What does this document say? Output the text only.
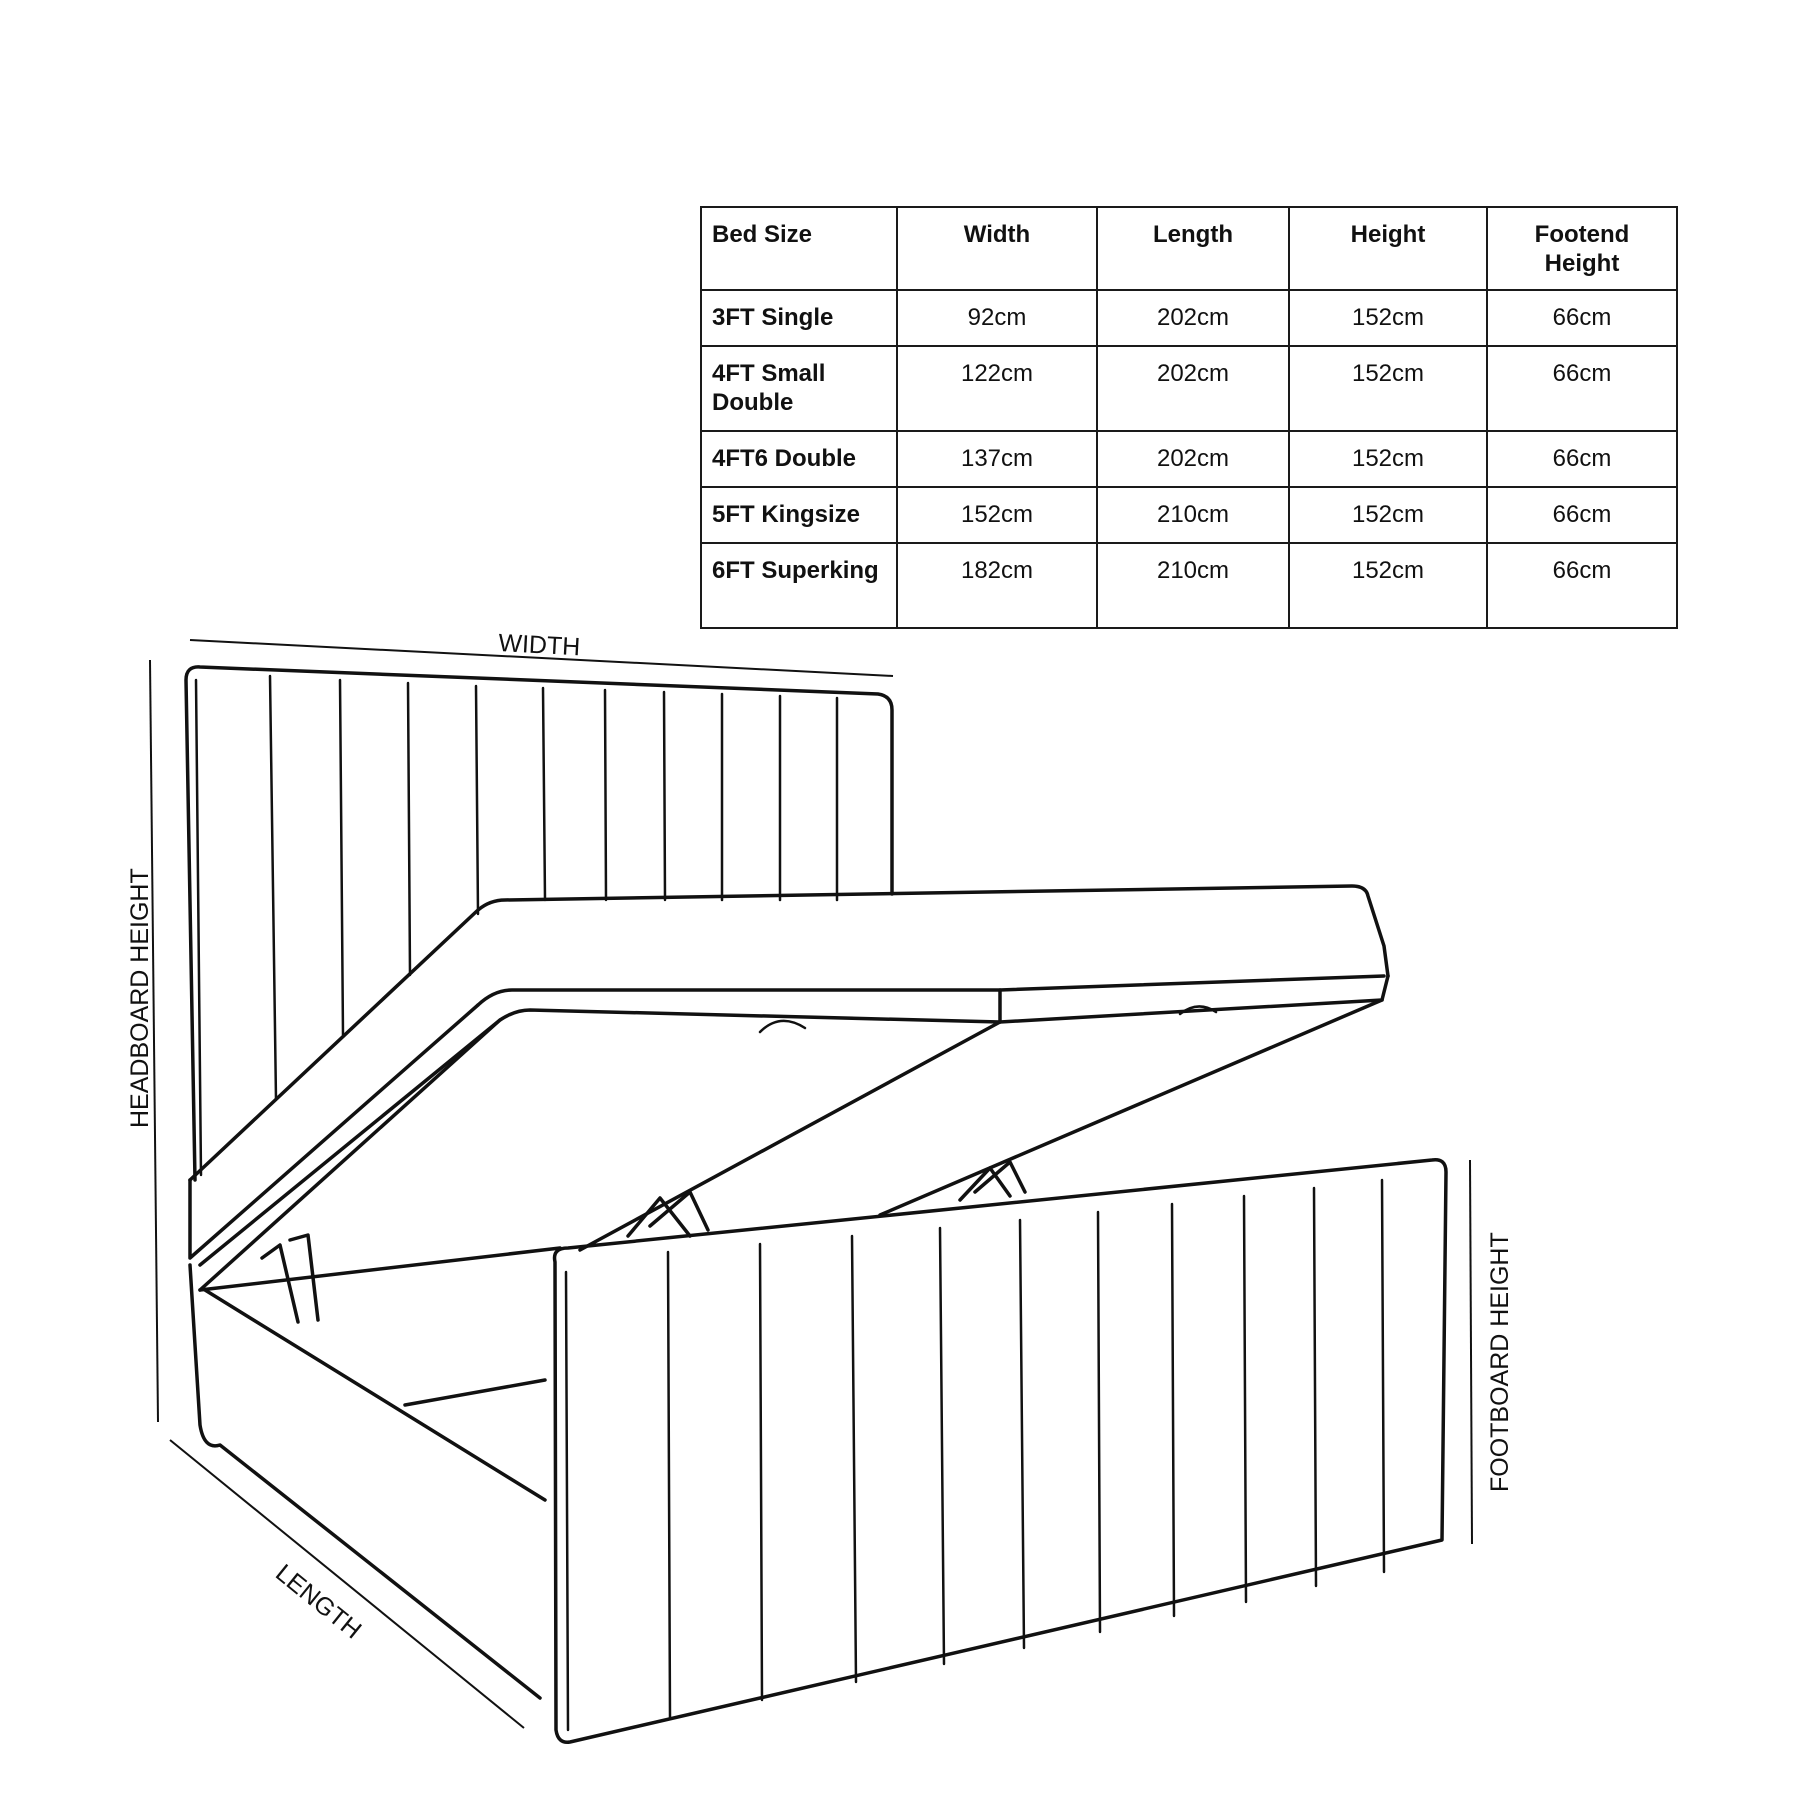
Bed Size	Width	Length	Height	Footend Height
3FT Single	92cm	202cm	152cm	66cm
4FT Small Double	122cm	202cm	152cm	66cm
4FT6 Double	137cm	202cm	152cm	66cm
5FT Kingsize	152cm	210cm	152cm	66cm
6FT Superking	182cm	210cm	152cm	66cm
WIDTH
HEADBOARD HEIGHT
LENGTH
FOOTBOARD HEIGHT
